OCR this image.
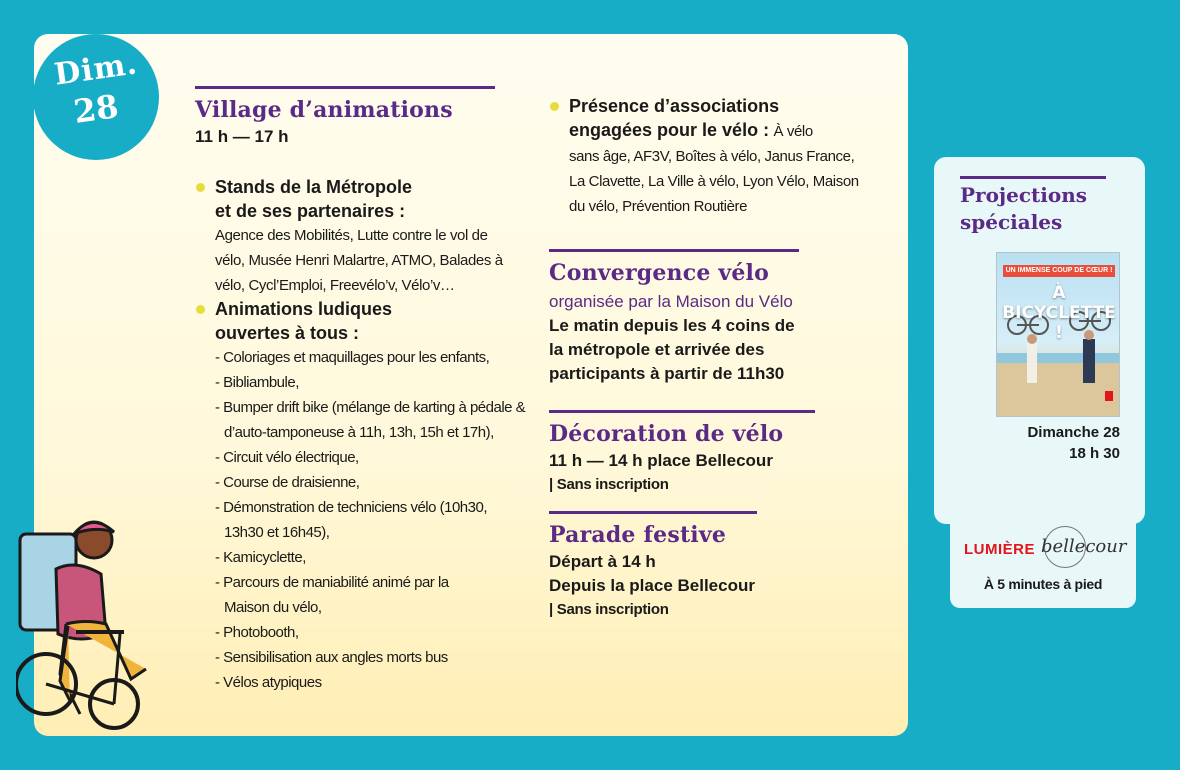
Dim.
28	Village d’animations
11 h — 17 h
Stands de la Métropole
et de ses partenaires :
Agence des Mobilités, Lutte contre le vol de
vélo, Musée Henri Malartre, ATMO, Balades à
vélo, Cycl’Emploi, Freevélo’v, Vélo’v…
Animations ludiques
ouvertes à tous :
- Coloriages et maquillages pour les enfants,
- Bibliambule,
- Bumper drift bike (mélange de karting à pédale & d’auto-tamponeuse à 11h, 13h, 15h et 17h),
- Circuit vélo électrique,
- Course de draisienne,
- Démonstration de techniciens vélo (10h30, 13h30 et 16h45),
- Kamicyclette,
- Parcours de maniabilité animé par la Maison du vélo,
- Photobooth,
- Sensibilisation aux angles morts bus
- Vélos atypiques
Présence d’associations
engagées pour le vélo : À vélo
sans âge, AF3V, Boîtes à vélo, Janus France,
La Clavette, La Ville à vélo, Lyon Vélo, Maison
du vélo, Prévention Routière
Convergence vélo
organisée par la Maison du Vélo
Le matin depuis les 4 coins de
la métropole et arrivée des
participants à partir de 11h30
Décoration de vélo
11 h — 14 h place Bellecour
| Sans inscription
Parade festive
Départ à 14 h
Depuis la place Bellecour
| Sans inscription
Projections
spéciales
UN IMMENSE COUP DE CŒUR !
À BICYCLETTE !
Dimanche 28
18 h 30
LUMIÈRE bellecour
À 5 minutes à pied
